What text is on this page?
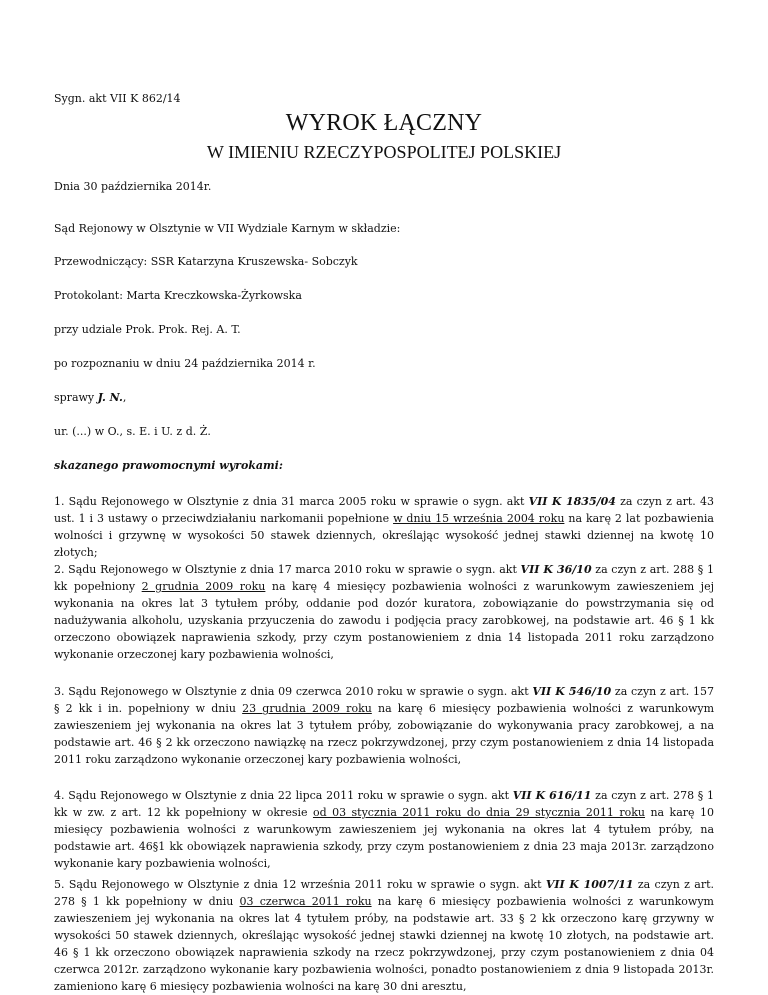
Sygn. akt VII K 862/14
WYROK ŁĄCZNY
W IMIENIU RZECZYPOSPOLITEJ POLSKIEJ
Dnia 30 października 2014r.
Sąd Rejonowy w Olsztynie w VII Wydziale Karnym w składzie:
Przewodniczący: SSR Katarzyna Kruszewska- Sobczyk
Protokolant: Marta Kreczkowska-Żyrkowska
przy udziale Prok. Prok. Rej. A. T.
po rozpoznaniu w dniu 24 października 2014 r.
sprawy J. N.,
ur. (...) w O., s. E. i U. z d. Ż.
skazanego prawomocnymi wyrokami:
1. Sądu Rejonowego w Olsztynie z dnia 31 marca 2005 roku w sprawie o sygn. akt VII K 1835/04 za czyn z art. 43 ust. 1 i 3 ustawy o przeciwdziałaniu narkomanii popełnione w dniu 15 września 2004 roku na karę 2 lat pozbawienia wolności i grzywnę w wysokości 50 stawek dziennych, określając wysokość jednej stawki dziennej na kwotę 10 złotych;
2. Sądu Rejonowego w Olsztynie z dnia 17 marca 2010 roku w sprawie o sygn. akt VII K 36/10 za czyn z art. 288 § 1 kk popełniony 2 grudnia 2009 roku na karę 4 miesięcy pozbawienia wolności z warunkowym zawieszeniem jej wykonania na okres lat 3 tytułem próby, oddanie pod dozór kuratora, zobowiązanie do powstrzymania się od nadużywania alkoholu, uzyskania przyuczenia do zawodu i podjęcia pracy zarobkowej, na podstawie art. 46 § 1 kk orzeczono obowiązek naprawienia szkody, przy czym postanowieniem z dnia 14 listopada 2011 roku zarządzono wykonanie orzeczonej kary pozbawienia wolności,
3. Sądu Rejonowego w Olsztynie z dnia 09 czerwca 2010 roku w sprawie o sygn. akt VII K 546/10 za czyn z art. 157 § 2 kk i in. popełniony w dniu 23 grudnia 2009 roku na karę 6 miesięcy pozbawienia wolności z warunkowym zawieszeniem jej wykonania na okres lat 3 tytułem próby, zobowiązanie do wykonywania pracy zarobkowej, a na podstawie art. 46 § 2 kk orzeczono nawiązkę na rzecz pokrzywdzonej, przy czym postanowieniem z dnia 14 listopada 2011 roku zarządzono wykonanie orzeczonej kary pozbawienia wolności,
4. Sądu Rejonowego w Olsztynie z dnia 22 lipca 2011 roku w sprawie o sygn. akt VII K 616/11 za czyn z art. 278 § 1 kk w zw. z art. 12 kk popełniony w okresie od 03 stycznia 2011 roku do dnia 29 stycznia 2011 roku na karę 10 miesięcy pozbawienia wolności z warunkowym zawieszeniem jej wykonania na okres lat 4 tytułem próby, na podstawie art. 46§1 kk obowiązek naprawienia szkody, przy czym postanowieniem z dnia 23 maja 2013r. zarządzono wykonanie kary pozbawienia wolności,
5. Sądu Rejonowego w Olsztynie z dnia 12 września 2011 roku w sprawie o sygn. akt VII K 1007/11 za czyn z art. 278 § 1 kk popełniony w dniu 03 czerwca 2011 roku na karę 6 miesięcy pozbawienia wolności z warunkowym zawieszeniem jej wykonania na okres lat 4 tytułem próby, na podstawie art. 33 § 2 kk orzeczono karę grzywny w wysokości 50 stawek dziennych, określając wysokość jednej stawki dziennej na kwotę 10 złotych, na podstawie art. 46 § 1 kk orzeczono obowiązek naprawienia szkody na rzecz pokrzywdzonej, przy czym postanowieniem z dnia 04 czerwca 2012r. zarządzono wykonanie kary pozbawienia wolności, ponadto postanowieniem z dnia 9 listopada 2013r. zamieniono karę 6 miesięcy pozbawienia wolności na karę 30 dni aresztu,
